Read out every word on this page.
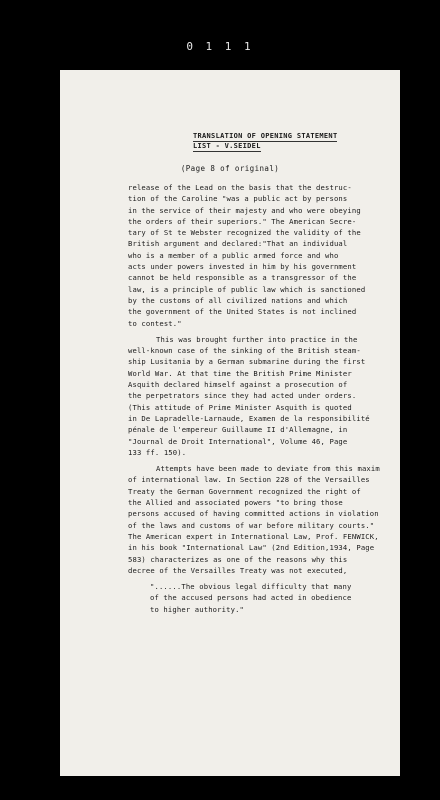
0 1 1 1
TRANSLATION OF OPENING STATEMENT
LIST - V.SEIDEL
(Page 8 of original)

release of the Lead on the basis that the destruc-
tion of the Caroline "was a public act by persons
in the service of their majesty and who were obeying
the orders of their superiors." The American Secre-
tary of St te Webster recognized the validity of the
British argument and declared:"That an individual
who is a member of a public armed force and who
acts under powers invested in him by his government
cannot be held responsible as a transgressor of the
law, is a principle of public law which is sanctioned
by the customs of all civilized nations and which
the government of the United States is not inclined
to contest."

This was brought further into practice in the
well-known case of the sinking of the British steam-
ship Lusitania by a German submarine during the first
World War. At that time the British Prime Minister
Asquith declared himself against a prosecution of
the perpetrators since they had acted under orders.
(This attitude of Prime Minister Asquith is quoted
in De Lapradelle-Larnaude, Examen de la responsibilité
pénale de l'empereur Guillaume II d'Allemagne, in
"Journal de Droit International", Volume 46, Page
133 ff. 150).

Attempts have been made to deviate from this maxim
of international law. In Section 228 of the Versailles
Treaty the German Government recognized the right of
the Allied and associated powers "to bring those
persons accused of having committed actions in violation
of the laws and customs of war before military courts."
The American expert in International Law, Prof. FENWICK,
in his book "International Law" (2nd Edition,1934, Page
583) characterizes as one of the reasons why this
decree of the Versailles Treaty was not executed,

"......The obvious legal difficulty that many
of the accused persons had acted in obedience
to higher authority."
